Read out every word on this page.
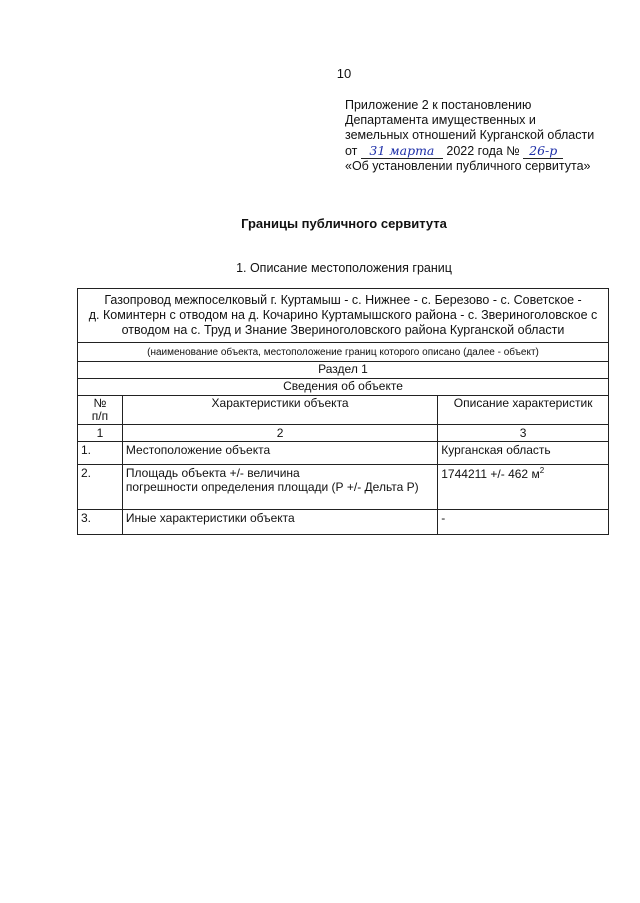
10
Приложение 2 к постановлению
Департамента имущественных и
земельных отношений Курганской области
от 31 марта 2022 года № 26-р
«Об установлении публичного сервитута»
Границы публичного сервитута
1. Описание местоположения границ
Газопровод межпоселковый г. Куртамыш - с. Нижнее - с. Березово - с. Советское -
д. Коминтерн с отводом на д. Кочарино Куртамышского района - с. Звериноголовское с
отводом на с. Труд и Знание Звериноголовского района Курганской области		

(наименование объекта, местоположение границ которого описано (далее - объект)		
Раздел 1		
Сведения об объекте		

№
п/п	Характеристики объекта	Описание характеристик
1	2	3
1.	Местоположение объекта	Курганская область
2.	Площадь объекта +/- величина
погрешности определения площади (Р +/- Дельта Р)	1744211 +/- 462 $м^2$
3.	Иные характеристики объекта	-
